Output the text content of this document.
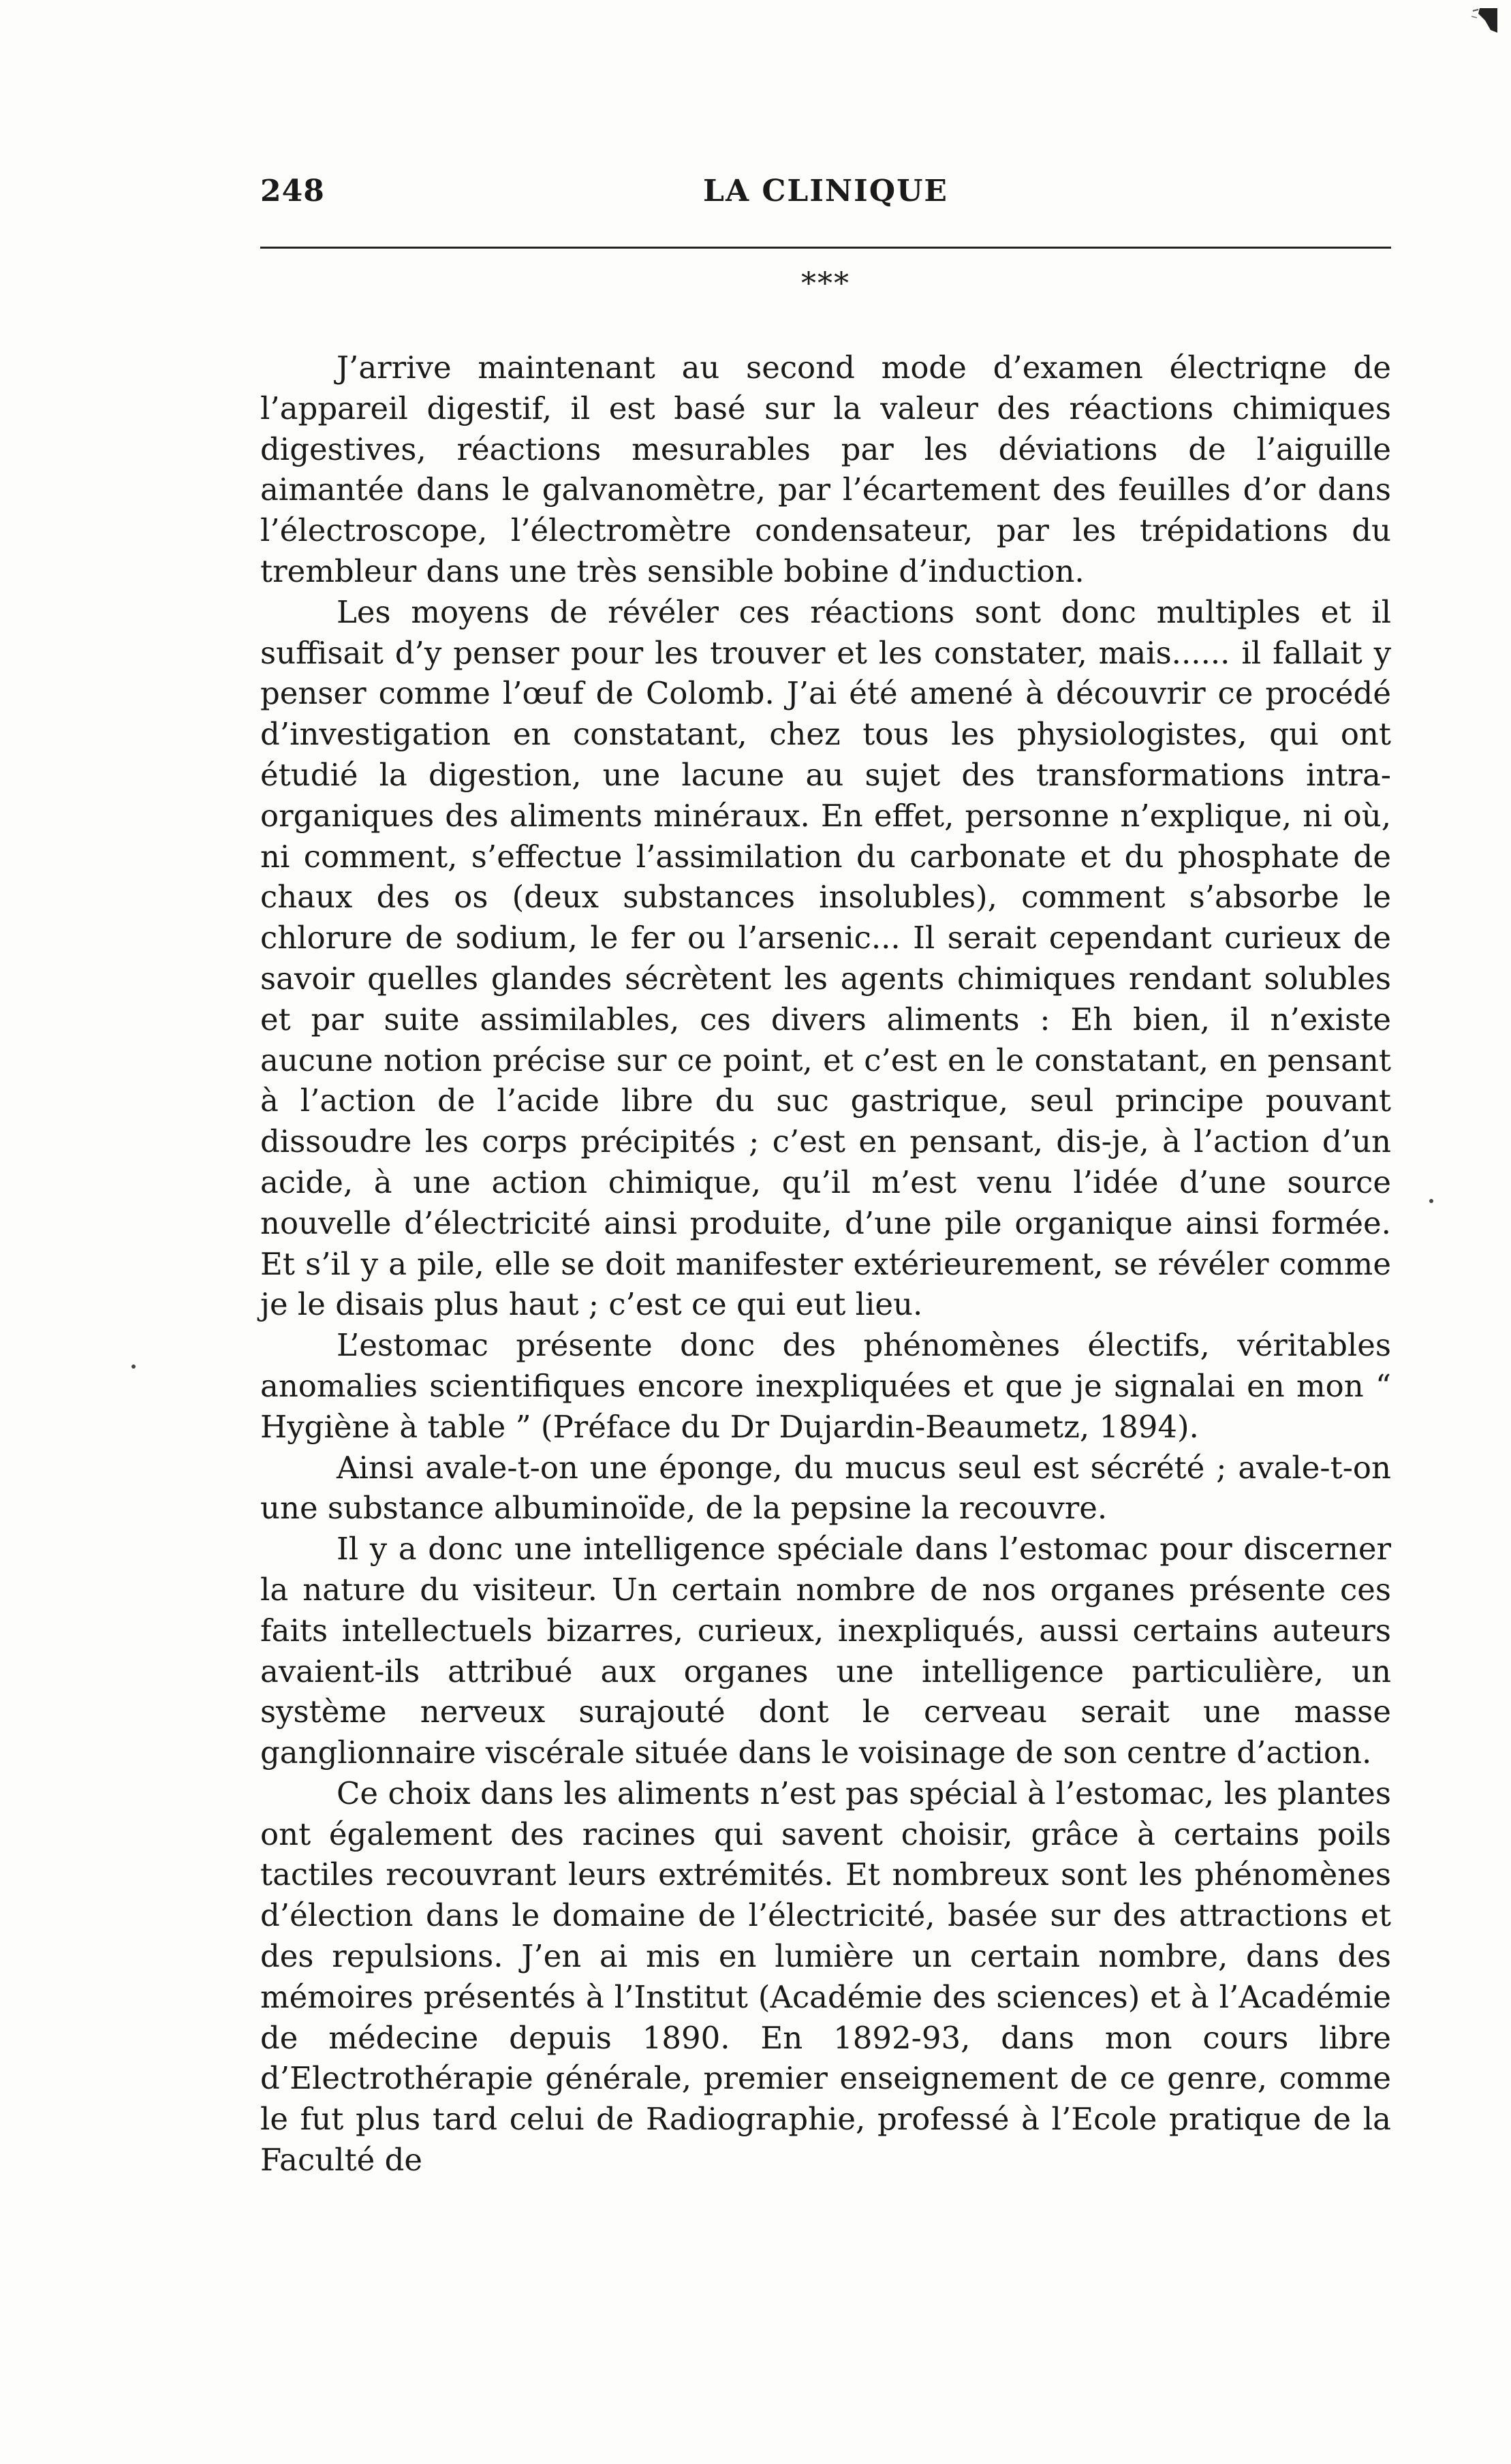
248	LA CLINIQUE
***

J’arrive maintenant au second mode d’examen électriqne de l’appareil digestif, il est basé sur la valeur des réactions chimiques digestives, réactions mesurables par les déviations de l’aiguille aimantée dans le galvanomètre, par l’écartement des feuilles d’or dans l’électroscope, l’électromètre condensateur, par les trépidations du trembleur dans une très sensible bobine d’induction.

Les moyens de révéler ces réactions sont donc multiples et il suffisait d’y penser pour les trouver et les constater, mais...... il fallait y penser comme l’œuf de Colomb. J’ai été amené à découvrir ce procédé d’investigation en constatant, chez tous les physiologistes, qui ont étudié la digestion, une lacune au sujet des transformations intra-organiques des aliments minéraux. En effet, personne n’explique, ni où, ni comment, s’effectue l’assimilation du carbonate et du phosphate de chaux des os (deux substances insolubles), comment s’absorbe le chlorure de sodium, le fer ou l’arsenic... Il serait cependant curieux de savoir quelles glandes sécrètent les agents chimiques rendant solubles et par suite assimilables, ces divers aliments : Eh bien, il n’existe aucune notion précise sur ce point, et c’est en le constatant, en pensant à l’action de l’acide libre du suc gastrique, seul principe pouvant dissoudre les corps précipités ; c’est en pensant, dis-je, à l’action d’un acide, à une action chimique, qu’il m’est venu l’idée d’une source nouvelle d’électricité ainsi produite, d’une pile organique ainsi formée. Et s’il y a pile, elle se doit manifester extérieurement, se révéler comme je le disais plus haut ; c’est ce qui eut lieu.

L’estomac présente donc des phénomènes électifs, véritables anomalies scientifiques encore inexpliquées et que je signalai en mon “ Hygiène à table ” (Préface du Dr Dujardin-Beaumetz, 1894).

Ainsi avale-t-on une éponge, du mucus seul est sécrété ; avale-t-on une substance albuminoïde, de la pepsine la recouvre.

Il y a donc une intelligence spéciale dans l’estomac pour discerner la nature du visiteur. Un certain nombre de nos organes présente ces faits intellectuels bizarres, curieux, inexpliqués, aussi certains auteurs avaient-ils attribué aux organes une intelligence particulière, un système nerveux surajouté dont le cerveau serait une masse ganglionnaire viscérale située dans le voisinage de son centre d’action.

Ce choix dans les aliments n’est pas spécial à l’estomac, les plantes ont également des racines qui savent choisir, grâce à certains poils tactiles recouvrant leurs extrémités. Et nombreux sont les phénomènes d’élection dans le domaine de l’électricité, basée sur des attractions et des repulsions. J’en ai mis en lumière un certain nombre, dans des mémoires présentés à l’Institut (Académie des sciences) et à l’Académie de médecine depuis 1890. En 1892-93, dans mon cours libre d’Electrothérapie générale, premier enseignement de ce genre, comme le fut plus tard celui de Radiographie, professé à l’Ecole pratique de la Faculté de
